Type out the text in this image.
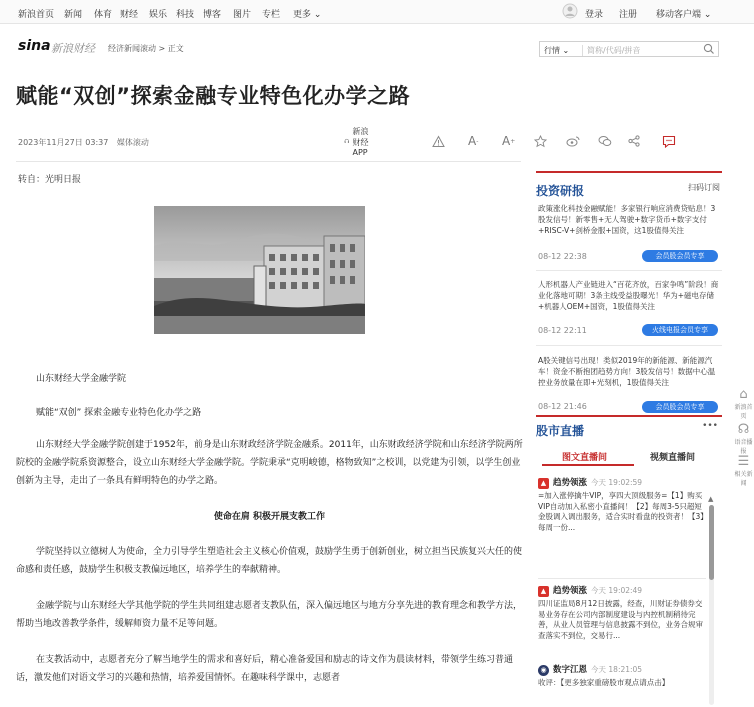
新浪首页 新闻 体育 财经 娱乐 科技 博客 图片 专栏 更多 ⌄	登录 注册 移动客户端 ⌄
sina 新浪财经 经济新闻滚动 > 正文	行情 ⌄	简称/代码/拼音
赋能“双创”探索金融专业特色化办学之路
2023年11月27日 03:37 媒体滚动
新浪财经APP
A - A +
转自：光明日报
山东财经大学金融学院
赋能“双创” 探索金融专业特色化办学之路
山东财经大学金融学院创建于1952年，前身是山东财政经济学院金融系。2011年，山东财政经济学院和山东经济学院两所院校的金融学院系资源整合，设立山东财经大学金融学院。学院秉承“克明峻德，格物致知”之校训，以党建为引领，以学生创业创新为主导，走出了一条具有鲜明特色的办学之路。
使命在肩 积极开展支教工作
学院坚持以立德树人为使命，全力引导学生塑造社会主义核心价值观，鼓励学生勇于创新创业，树立担当民族复兴大任的使命感和责任感，鼓励学生积极支教偏远地区，培养学生的奉献精神。
金融学院与山东财经大学其他学院的学生共同组建志愿者支教队伍，深入偏远地区与地方分享先进的教育理念和教学方法，帮助当地改善教学条件，缓解师资力量不足等问题。
在支教活动中，志愿者充分了解当地学生的需求和喜好后，精心准备爱国和励志的诗文作为晨读材料，带领学生练习普通话，激发他们对语文学习的兴趣和热情，培养爱国情怀。在趣味科学课中，志愿者
投资研报	扫码订阅
政策涨化科技金融赋能！多家银行响应消费贷贴息！3股发信号！新零售+无人驾驶+数字货币+数字支付+RISC-V+剑桥金服+国资，这1股值得关注
08-12 22:38	会员股会员专享
人形机器人产业链进入“百花齐放，百家争鸣”阶段！商业化落地可期！3条主线受益股曝光！华为+磁电存储+机器人OEM+国资，1股值得关注
08-12 22:11	火线电报会员专享
A股关键信号出现！类似2019年的新能源、新能源汽车！资金不断抱团趋势方向！3股发信号！数据中心温控业务放量在即+光刻机，1股值得关注
08-12 21:46	会员股会员专享
股市直播	•••
图文直播间	视频直播间
▲ 趋势领涨 今天 19:02:59
=加入涨停擒牛VIP，享四大顶级服务=【1】购买VIP自动加入私密小直播间！【2】每周3-5只超短金股调入调出服务，适合实时看盘的投资者！【3】每周一份...
▲ 趋势领涨 今天 19:02:49
四川证监局8月12日披露，经查，川财证券债券交易业务存在公司内部制度建设与内控机制稍待完善，从业人员管理与信息披露不到位，业务合规审查落实不到位，交易行...
◉ 数字江恩 今天 18:21:05
收评：【更多独家重磅股市观点请点击】
▲
⌂
新浪首页
☊
语音播报
☰
相关新闻
